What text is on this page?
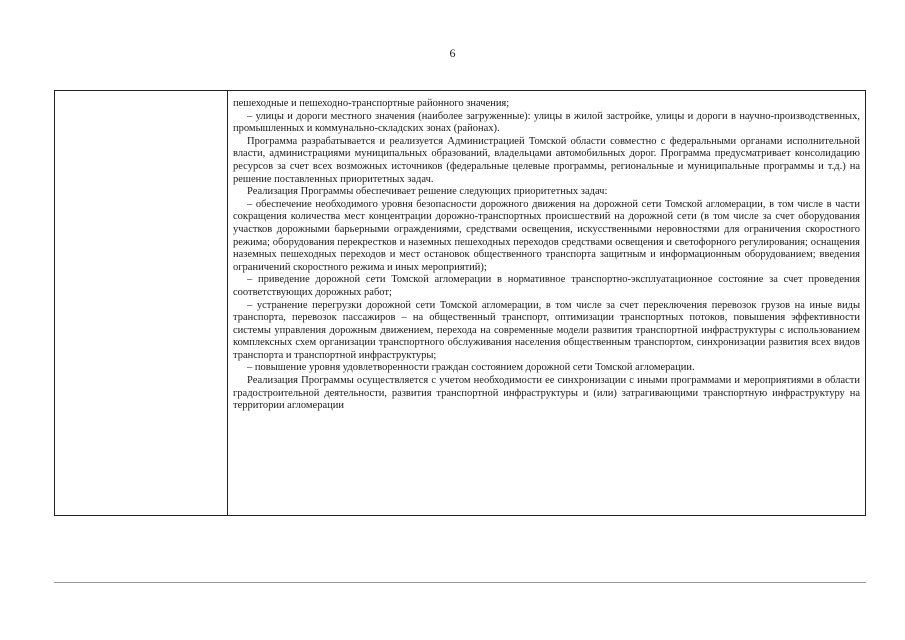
6

пешеходные и пешеходно-транспортные районного значения;

– улицы и дороги местного значения (наиболее загруженные): улицы в жилой застройке, улицы и дороги в научно-производственных, промышленных и коммунально-складских зонах (районах).

Программа разрабатывается и реализуется Администрацией Томской области совместно с федеральными органами исполнительной власти, администрациями муниципальных образований, владельцами автомобильных дорог. Программа предусматривает консолидацию ресурсов за счет всех возможных источников (федеральные целевые программы, региональные и муниципальные программы и т.д.) на решение поставленных приоритетных задач.

Реализация Программы обеспечивает решение следующих приоритетных задач:

– обеспечение необходимого уровня безопасности дорожного движения на дорожной сети Томской агломерации, в том числе в части сокращения количества мест концентрации дорожно-транспортных происшествий на дорожной сети (в том числе за счет оборудования участков дорожными барьерными ограждениями, средствами освещения, искусственными неровностями для ограничения скоростного режима; оборудования перекрестков и наземных пешеходных переходов средствами освещения и светофорного регулирования; оснащения наземных пешеходных переходов и мест остановок общественного транспорта защитным и информационным оборудованием; введения ограничений скоростного режима и иных мероприятий);

– приведение дорожной сети Томской агломерации в нормативное транспортно-эксплуатационное состояние за счет проведения соответствующих дорожных работ;

– устранение перегрузки дорожной сети Томской агломерации, в том числе за счет переключения перевозок грузов на иные виды транспорта, перевозок пассажиров – на общественный транспорт, оптимизации транспортных потоков, повышения эффективности системы управления дорожным движением, перехода на современные модели развития транспортной инфраструктуры с использованием комплексных схем организации транспортного обслуживания населения общественным транспортом, синхронизации развития всех видов транспорта и транспортной инфраструктуры;

– повышение уровня удовлетворенности граждан состоянием дорожной сети Томской агломерации.

Реализация Программы осуществляется с учетом необходимости ее синхронизации с иными программами и мероприятиями в области градостроительной деятельности, развития транспортной инфраструктуры и (или) затрагивающими транспортную инфраструктуру на территории агломерации
